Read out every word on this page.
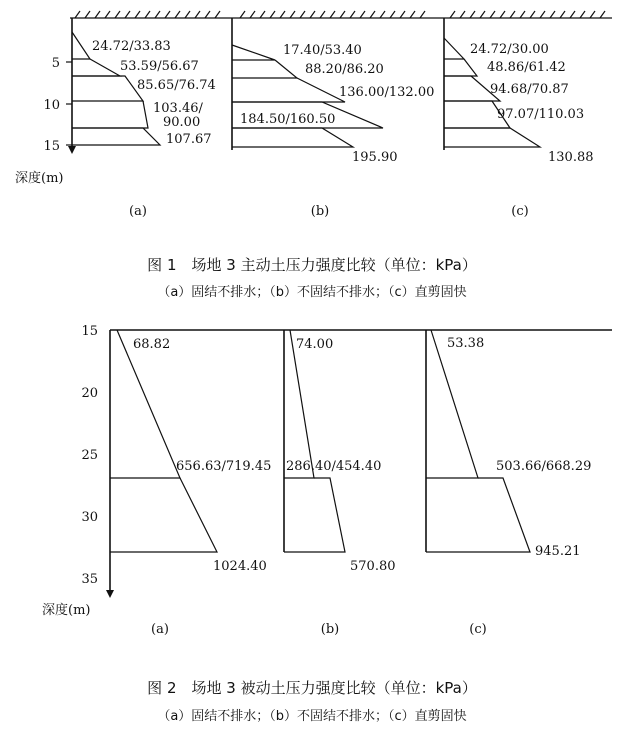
5
10
15
深度(m)
24.72/33.83
53.59/56.67
85.65/76.74
103.46/
90.00
107.67
(a)
17.40/53.40
88.20/86.20
136.00/132.00
184.50/160.50
195.90
(b)
24.72/30.00
48.86/61.42
94.68/70.87
97.07/110.03
130.88
(c)
图 1　场地 3 主动土压力强度比较（单位：kPa）
（a）固结不排水；（b）不固结不排水；（c）直剪固快
15
20
25
30
35
深度(m)
68.82
656.63/719.45
1024.40
(a)
74.00
286.40/454.40
570.80
(b)
53.38
503.66/668.29
945.21
(c)
图 2　场地 3 被动土压力强度比较（单位：kPa）
（a）固结不排水；（b）不固结不排水；（c）直剪固快
